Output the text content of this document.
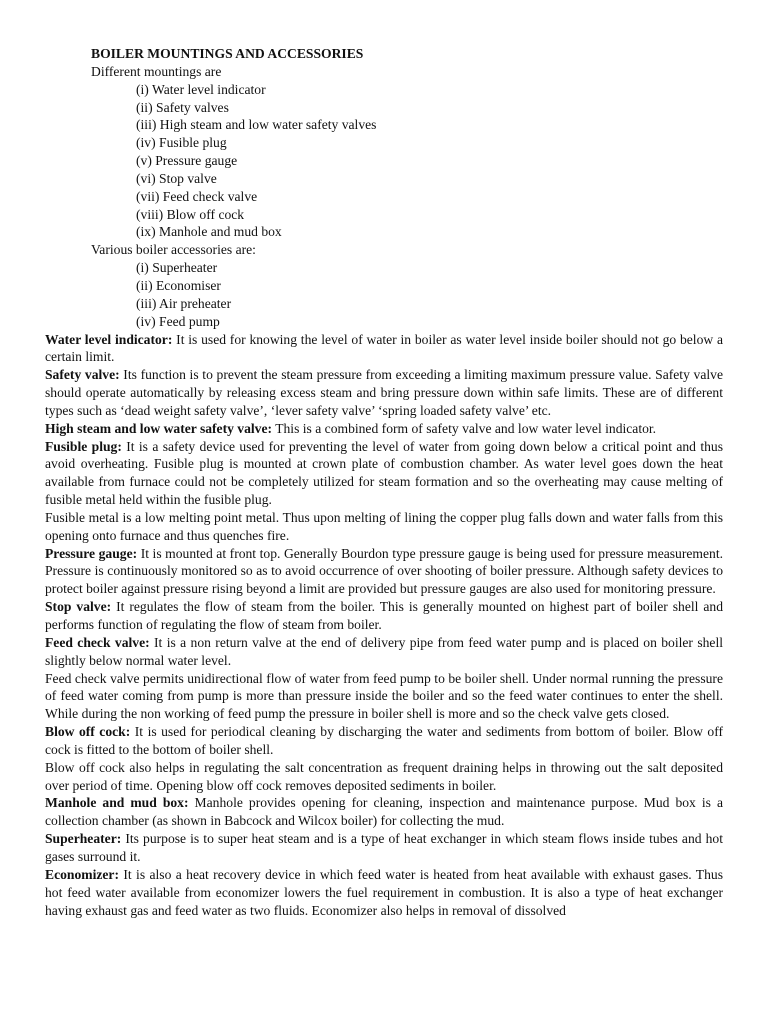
BOILER MOUNTINGS AND ACCESSORIES
Different mountings are
(i) Water level indicator
(ii) Safety valves
(iii) High steam and low water safety valves
(iv) Fusible plug
(v) Pressure gauge
(vi) Stop valve
(vii) Feed check valve
(viii) Blow off cock
(ix) Manhole and mud box
Various boiler accessories are:
(i) Superheater
(ii) Economiser
(iii) Air preheater
(iv) Feed pump

Water level indicator: It is used for knowing the level of water in boiler as water level inside boiler should not go below a certain limit.

Safety valve: Its function is to prevent the steam pressure from exceeding a limiting maximum pressure value. Safety valve should operate automatically by releasing excess steam and bring pressure down within safe limits. These are of different types such as ‘dead weight safety valve’, ‘lever safety valve’ ‘spring loaded safety valve’ etc.

High steam and low water safety valve: This is a combined form of safety valve and low water level indicator.

Fusible plug: It is a safety device used for preventing the level of water from going down below a critical point and thus avoid overheating. Fusible plug is mounted at crown plate of combustion chamber. As water level goes down the heat available from furnace could not be completely utilized for steam formation and so the overheating may cause melting of fusible metal held within the fusible plug.

Fusible metal is a low melting point metal. Thus upon melting of lining the copper plug falls down and water falls from this opening onto furnace and thus quenches fire.

Pressure gauge: It is mounted at front top. Generally Bourdon type pressure gauge is being used for pressure measurement. Pressure is continuously monitored so as to avoid occurrence of over shooting of boiler pressure. Although safety devices to protect boiler against pressure rising beyond a limit are provided but pressure gauges are also used for monitoring pressure.

Stop valve: It regulates the flow of steam from the boiler. This is generally mounted on highest part of boiler shell and performs function of regulating the flow of steam from boiler.

Feed check valve: It is a non return valve at the end of delivery pipe from feed water pump and is placed on boiler shell slightly below normal water level.

Feed check valve permits unidirectional flow of water from feed pump to be boiler shell. Under normal running the pressure of feed water coming from pump is more than pressure inside the boiler and so the feed water continues to enter the shell. While during the non working of feed pump the pressure in boiler shell is more and so the check valve gets closed.

Blow off cock: It is used for periodical cleaning by discharging the water and sediments from bottom of boiler. Blow off cock is fitted to the bottom of boiler shell.

Blow off cock also helps in regulating the salt concentration as frequent draining helps in throwing out the salt deposited over period of time. Opening blow off cock removes deposited sediments in boiler.

Manhole and mud box: Manhole provides opening for cleaning, inspection and maintenance purpose. Mud box is a collection chamber (as shown in Babcock and Wilcox boiler) for collecting the mud.

Superheater: Its purpose is to super heat steam and is a type of heat exchanger in which steam flows inside tubes and hot gases surround it.

Economizer: It is also a heat recovery device in which feed water is heated from heat available with exhaust gases. Thus hot feed water available from economizer lowers the fuel requirement in combustion. It is also a type of heat exchanger having exhaust gas and feed water as two fluids. Economizer also helps in removal of dissolved
